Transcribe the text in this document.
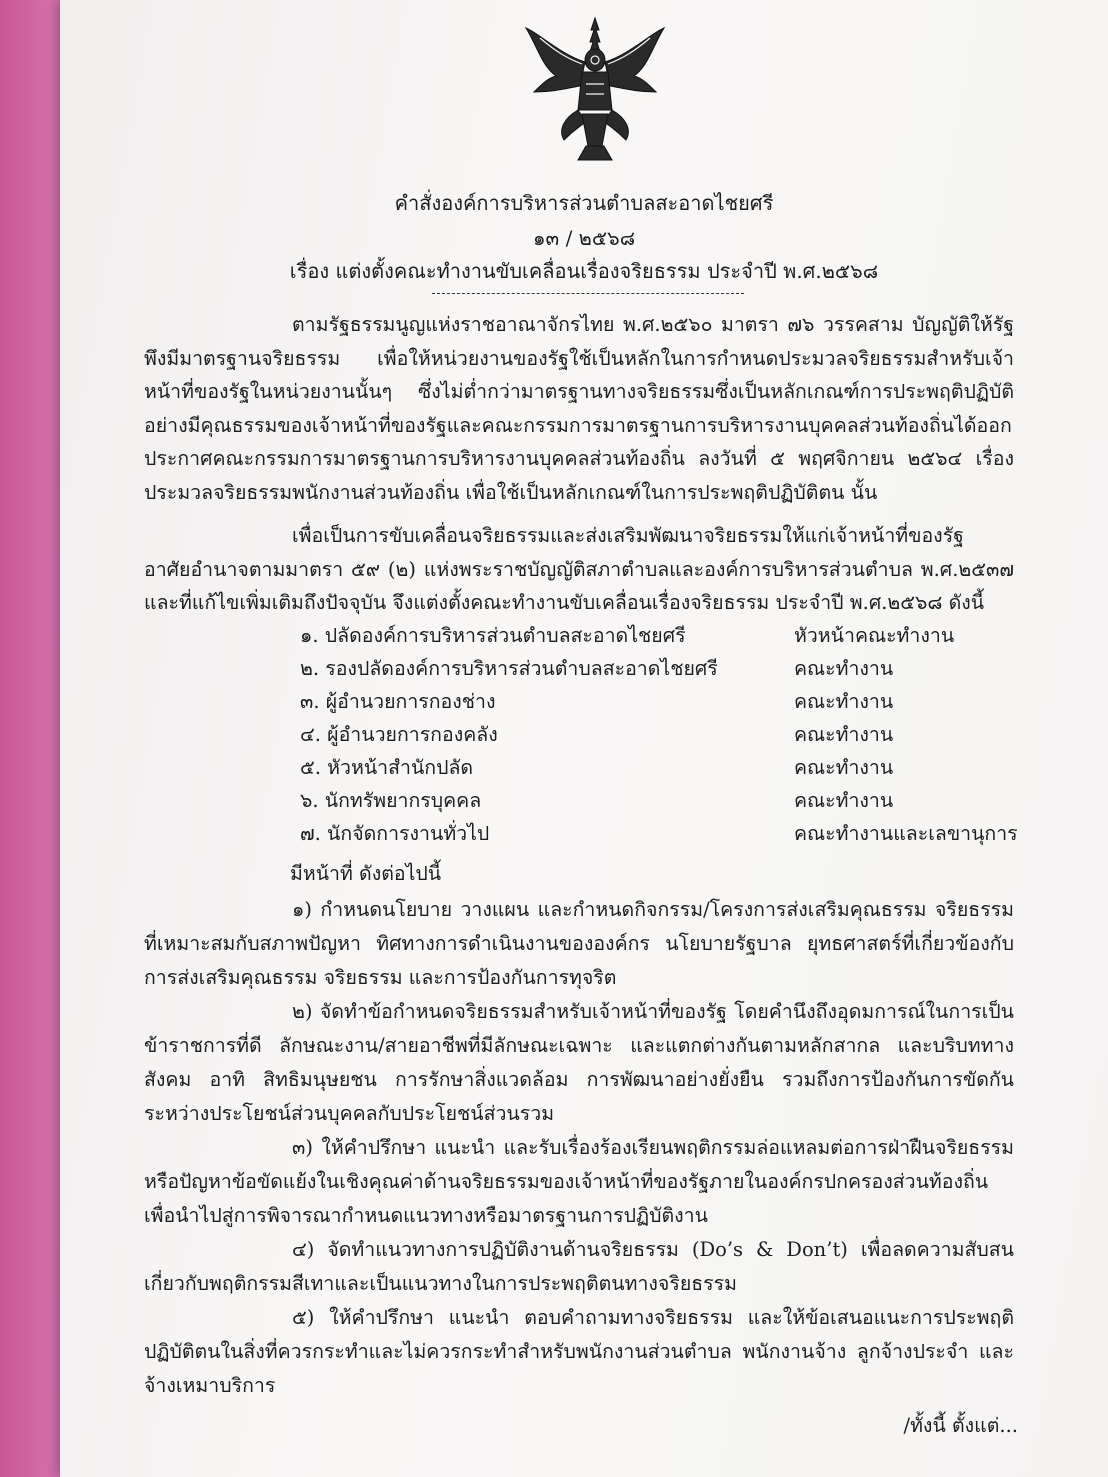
คำสั่งองค์การบริหารส่วนตำบลสะอาดไชยศรี
๑๓ / ๒๕๖๘
เรื่อง แต่งตั้งคณะทำงานขับเคลื่อนเรื่องจริยธรรม ประจำปี พ.ศ.๒๕๖๘

ตามรัฐธรรมนูญแห่งราชอาณาจักรไทย พ.ศ.๒๕๖๐ มาตรา ๗๖ วรรคสาม บัญญัติให้รัฐพึงมีมาตรฐานจริยธรรม เพื่อให้หน่วยงานของรัฐใช้เป็นหลักในการกำหนดประมวลจริยธรรมสำหรับเจ้าหน้าที่ของรัฐในหน่วยงานนั้นๆ ซึ่งไม่ต่ำกว่ามาตรฐานทางจริยธรรมซึ่งเป็นหลักเกณฑ์การประพฤติปฏิบัติอย่างมีคุณธรรมของเจ้าหน้าที่ของรัฐและคณะกรรมการมาตรฐานการบริหารงานบุคคลส่วนท้องถิ่นได้ออกประกาศคณะกรรมการมาตรฐานการบริหารงานบุคคลส่วนท้องถิ่น ลงวันที่ ๕ พฤศจิกายน ๒๕๖๔ เรื่อง ประมวลจริยธรรมพนักงานส่วนท้องถิ่น เพื่อใช้เป็นหลักเกณฑ์ในการประพฤติปฏิบัติตน นั้น

เพื่อเป็นการขับเคลื่อนจริยธรรมและส่งเสริมพัฒนาจริยธรรมให้แก่เจ้าหน้าที่ของรัฐ อาศัยอำนาจตามมาตรา ๕๙ (๒) แห่งพระราชบัญญัติสภาตำบลและองค์การบริหารส่วนตำบล พ.ศ.๒๕๓๗ และที่แก้ไขเพิ่มเติมถึงปัจจุบัน จึงแต่งตั้งคณะทำงานขับเคลื่อนเรื่องจริยธรรม ประจำปี พ.ศ.๒๕๖๘ ดังนี้

๑. ปลัดองค์การบริหารส่วนตำบลสะอาดไชยศรี	หัวหน้าคณะทำงาน
๒. รองปลัดองค์การบริหารส่วนตำบลสะอาดไชยศรี	คณะทำงาน
๓. ผู้อำนวยการกองช่าง	คณะทำงาน
๔. ผู้อำนวยการกองคลัง	คณะทำงาน
๕. หัวหน้าสำนักปลัด	คณะทำงาน
๖. นักทรัพยากรบุคคล	คณะทำงาน
๗. นักจัดการงานทั่วไป	คณะทำงานและเลขานุการ
มีหน้าที่ ดังต่อไปนี้

๑) กำหนดนโยบาย วางแผน และกำหนดกิจกรรม/โครงการส่งเสริมคุณธรรม จริยธรรม ที่เหมาะสมกับสภาพปัญหา ทิศทางการดำเนินงานขององค์กร นโยบายรัฐบาล ยุทธศาสตร์ที่เกี่ยวข้องกับการส่งเสริมคุณธรรม จริยธรรม และการป้องกันการทุจริต

๒) จัดทำข้อกำหนดจริยธรรมสำหรับเจ้าหน้าที่ของรัฐ โดยคำนึงถึงอุดมการณ์ในการเป็นข้าราชการที่ดี ลักษณะงาน/สายอาชีพที่มีลักษณะเฉพาะ และแตกต่างกันตามหลักสากล และบริบททางสังคม อาทิ สิทธิมนุษยชน การรักษาสิ่งแวดล้อม การพัฒนาอย่างยั่งยืน รวมถึงการป้องกันการขัดกันระหว่างประโยชน์ส่วนบุคคลกับประโยชน์ส่วนรวม

๓) ให้คำปรึกษา แนะนำ และรับเรื่องร้องเรียนพฤติกรรมล่อแหลมต่อการฝ่าฝืนจริยธรรมหรือปัญหาข้อขัดแย้งในเชิงคุณค่าด้านจริยธรรมของเจ้าหน้าที่ของรัฐภายในองค์กรปกครองส่วนท้องถิ่น เพื่อนำไปสู่การพิจารณากำหนดแนวทางหรือมาตรฐานการปฏิบัติงาน

๔) จัดทำแนวทางการปฏิบัติงานด้านจริยธรรม (Do’s & Don’t) เพื่อลดความสับสนเกี่ยวกับพฤติกรรมสีเทาและเป็นแนวทางในการประพฤติตนทางจริยธรรม

๕) ให้คำปรึกษา แนะนำ ตอบคำถามทางจริยธรรม และให้ข้อเสนอแนะการประพฤติปฏิบัติตนในสิ่งที่ควรกระทำและไม่ควรกระทำสำหรับพนักงานส่วนตำบล พนักงานจ้าง ลูกจ้างประจำ และจ้างเหมาบริการ

/ทั้งนี้ ตั้งแต่...
